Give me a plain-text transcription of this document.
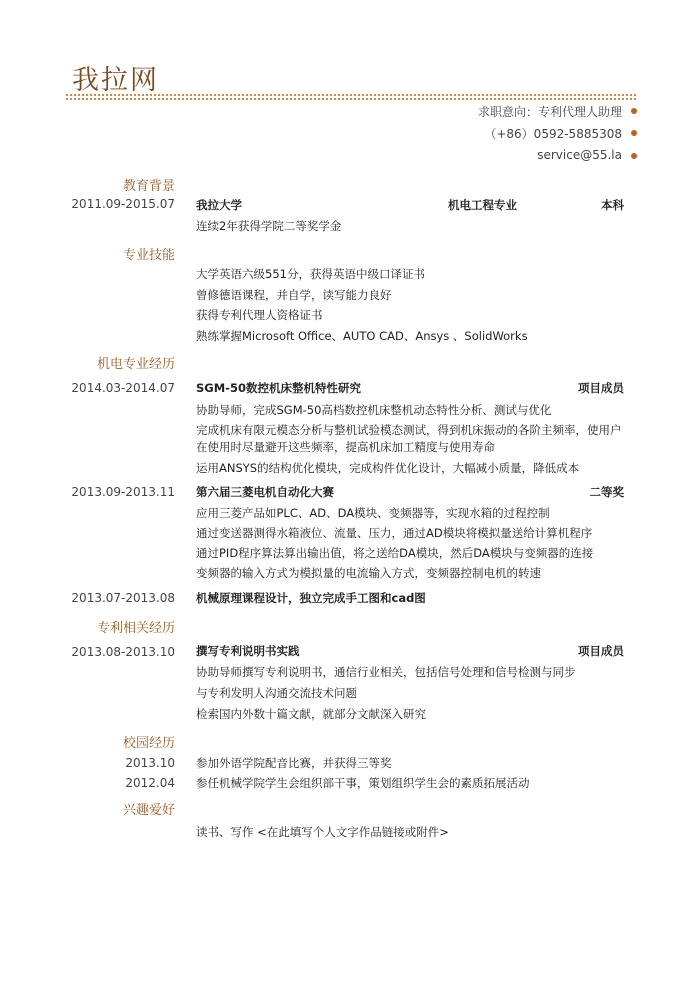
我拉网
求职意向：专利代理人助理
（+86）0592-5885308
service@55.la
教育背景
2011.09-2015.07 我拉大学	机电工程专业	本科
连续2年获得学院二等奖学金
专业技能
大学英语六级551分，获得英语中级口译证书
曾修德语课程，并自学，读写能力良好
获得专利代理人资格证书
熟练掌握Microsoft Office、AUTO CAD、Ansys 、SolidWorks
机电专业经历
2014.03-2014.07 SGM-50数控机床整机特性研究	项目成员
协助导师，完成SGM-50高档数控机床整机动态特性分析、测试与优化
完成机床有限元模态分析与整机试验模态测试，得到机床振动的各阶主频率，使用户
在使用时尽量避开这些频率，提高机床加工精度与使用寿命
运用ANSYS的结构优化模块，完成构件优化设计，大幅减小质量，降低成本
2013.09-2013.11 第六届三菱电机自动化大赛	二等奖
应用三菱产品如PLC、AD、DA模块、变频器等，实现水箱的过程控制
通过变送器测得水箱液位、流量、压力，通过AD模块将模拟量送给计算机程序
通过PID程序算法算出输出值，将之送给DA模块，然后DA模块与变频器的连接
变频器的输入方式为模拟量的电流输入方式，变频器控制电机的转速
2013.07-2013.08 机械原理课程设计，独立完成手工图和cad图
专利相关经历
2013.08-2013.10 撰写专利说明书实践	项目成员
协助导师撰写专利说明书，通信行业相关，包括信号处理和信号检测与同步
与专利发明人沟通交流技术问题
检索国内外数十篇文献，就部分文献深入研究
校园经历
2013.10 参加外语学院配音比赛，并获得三等奖
2012.04 参任机械学院学生会组织部干事，策划组织学生会的素质拓展活动
兴趣爱好
读书、写作 <在此填写个人文字作品链接或附件>
